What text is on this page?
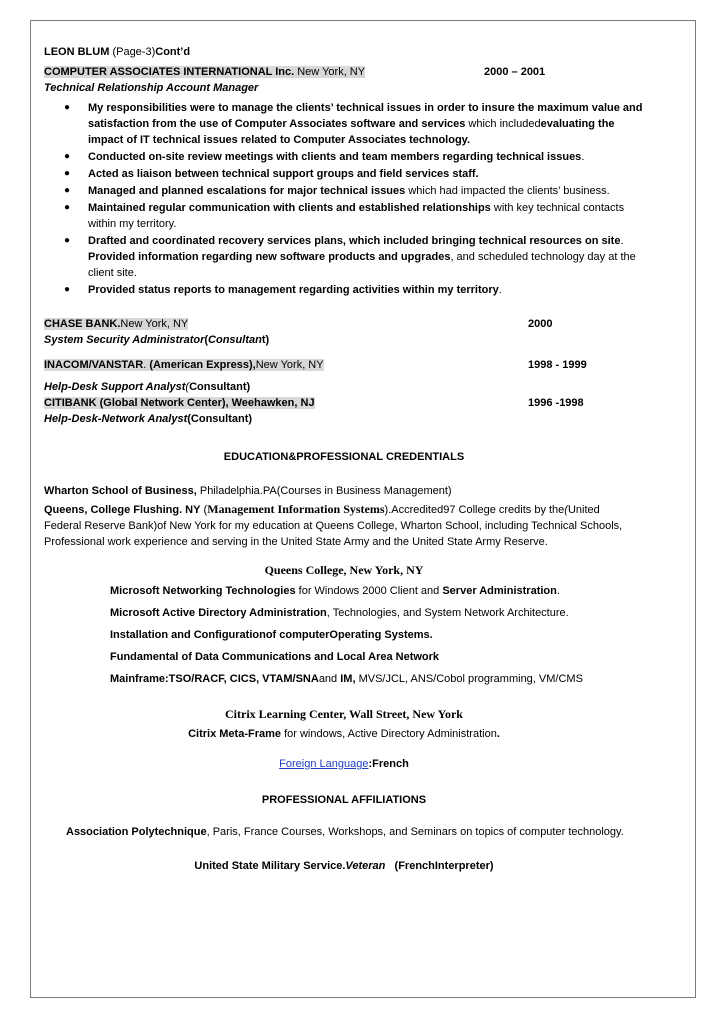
LEON BLUM (Page-3)Cont’d
COMPUTER ASSOCIATES INTERNATIONAL Inc. New York, NY	2000 – 2001
Technical Relationship Account Manager
● My responsibilities were to manage the clients’ technical issues in order to insure the maximum value and satisfaction from the use of Computer Associates software and services which includedevaluating the impact of IT technical issues related to Computer Associates technology.
● Conducted on-site review meetings with clients and team members regarding technical issues.
● Acted as liaison between technical support groups and field services staff.
● Managed and planned escalations for major technical issues which had impacted the clients’ business.
● Maintained regular communication with clients and established relationships with key technical contacts within my territory.
● Drafted and coordinated recovery services plans, which included bringing technical resources on site. Provided information regarding new software products and upgrades, and scheduled technology day at the client site.
● Provided status reports to management regarding activities within my territory.
CHASE BANK.New York, NY	2000
System Security Administrator(Consultant)
INACOM/VANSTAR. (American Express),New York, NY	1998 - 1999
Help-Desk Support Analyst(Consultant)
CITIBANK (Global Network Center), Weehawken, NJ	1996 -1998
Help-Desk-Network Analyst(Consultant)
EDUCATION&PROFESSIONAL CREDENTIALS
Wharton School of Business, Philadelphia.PA(Courses in Business Management)
Queens, College Flushing. NY (Management Information Systems).Accredited97 College credits by the(United
Federal Reserve Bank)of New York for my education at Queens College, Wharton School, including Technical Schools,
Professional work experience and serving in the United State Army and the United State Army Reserve.
Queens College, New York, NY
Microsoft Networking Technologies for Windows 2000 Client and Server Administration.
Microsoft Active Directory Administration, Technologies, and System Network Architecture.
Installation and Configurationof computerOperating Systems.
Fundamental of Data Communications and Local Area Network
Mainframe:TSO/RACF, CICS, VTAM/SNAand IM, MVS/JCL, ANS/Cobol programming, VM/CMS
Citrix Learning Center, Wall Street, New York
Citrix Meta-Frame for windows, Active Directory Administration.
Foreign Language:French
PROFESSIONAL AFFILIATIONS
Association Polytechnique, Paris, France Courses, Workshops, and Seminars on topics of computer technology.
United State Military Service.Veteran   (FrenchInterpreter)
